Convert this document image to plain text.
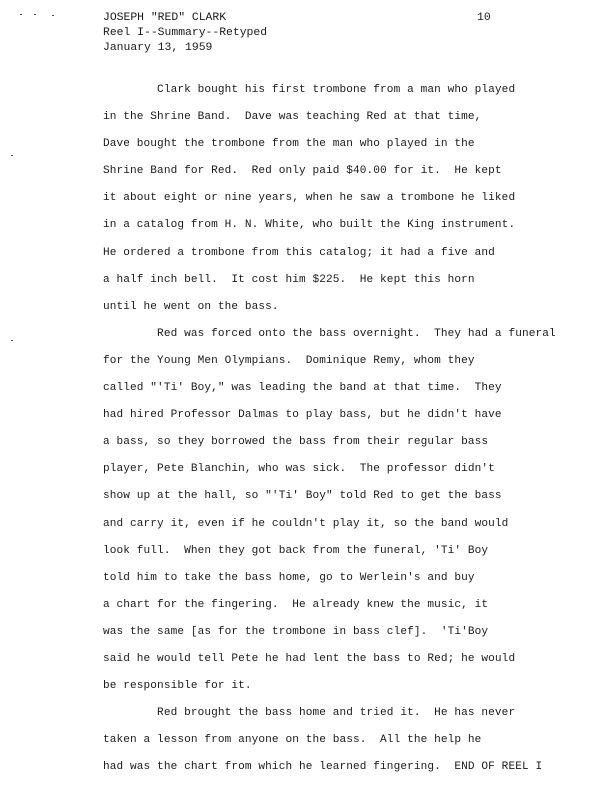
JOSEPH "RED" CLARK
Reel I--Summary--Retyped
January 13, 1959
10
Clark bought his first trombone from a man who played
in the Shrine Band.  Dave was teaching Red at that time,
Dave bought the trombone from the man who played in the
Shrine Band for Red.  Red only paid $40.00 for it.  He kept
it about eight or nine years, when he saw a trombone he liked
in a catalog from H. N. White, who built the King instrument.
He ordered a trombone from this catalog; it had a five and
a half inch bell.  It cost him $225.  He kept this horn
until he went on the bass.
Red was forced onto the bass overnight.  They had a funeral
for the Young Men Olympians.  Dominique Remy, whom they
called "'Ti' Boy," was leading the band at that time.  They
had hired Professor Dalmas to play bass, but he didn't have
a bass, so they borrowed the bass from their regular bass
player, Pete Blanchin, who was sick.  The professor didn't
show up at the hall, so "'Ti' Boy" told Red to get the bass
and carry it, even if he couldn't play it, so the band would
look full.  When they got back from the funeral, 'Ti' Boy
told him to take the bass home, go to Werlein's and buy
a chart for the fingering.  He already knew the music, it
was the same [as for the trombone in bass clef].  'Ti'Boy
said he would tell Pete he had lent the bass to Red; he would
be responsible for it.
Red brought the bass home and tried it.  He has never
taken a lesson from anyone on the bass.  All the help he
had was the chart from which he learned fingering.  END OF REEL I
